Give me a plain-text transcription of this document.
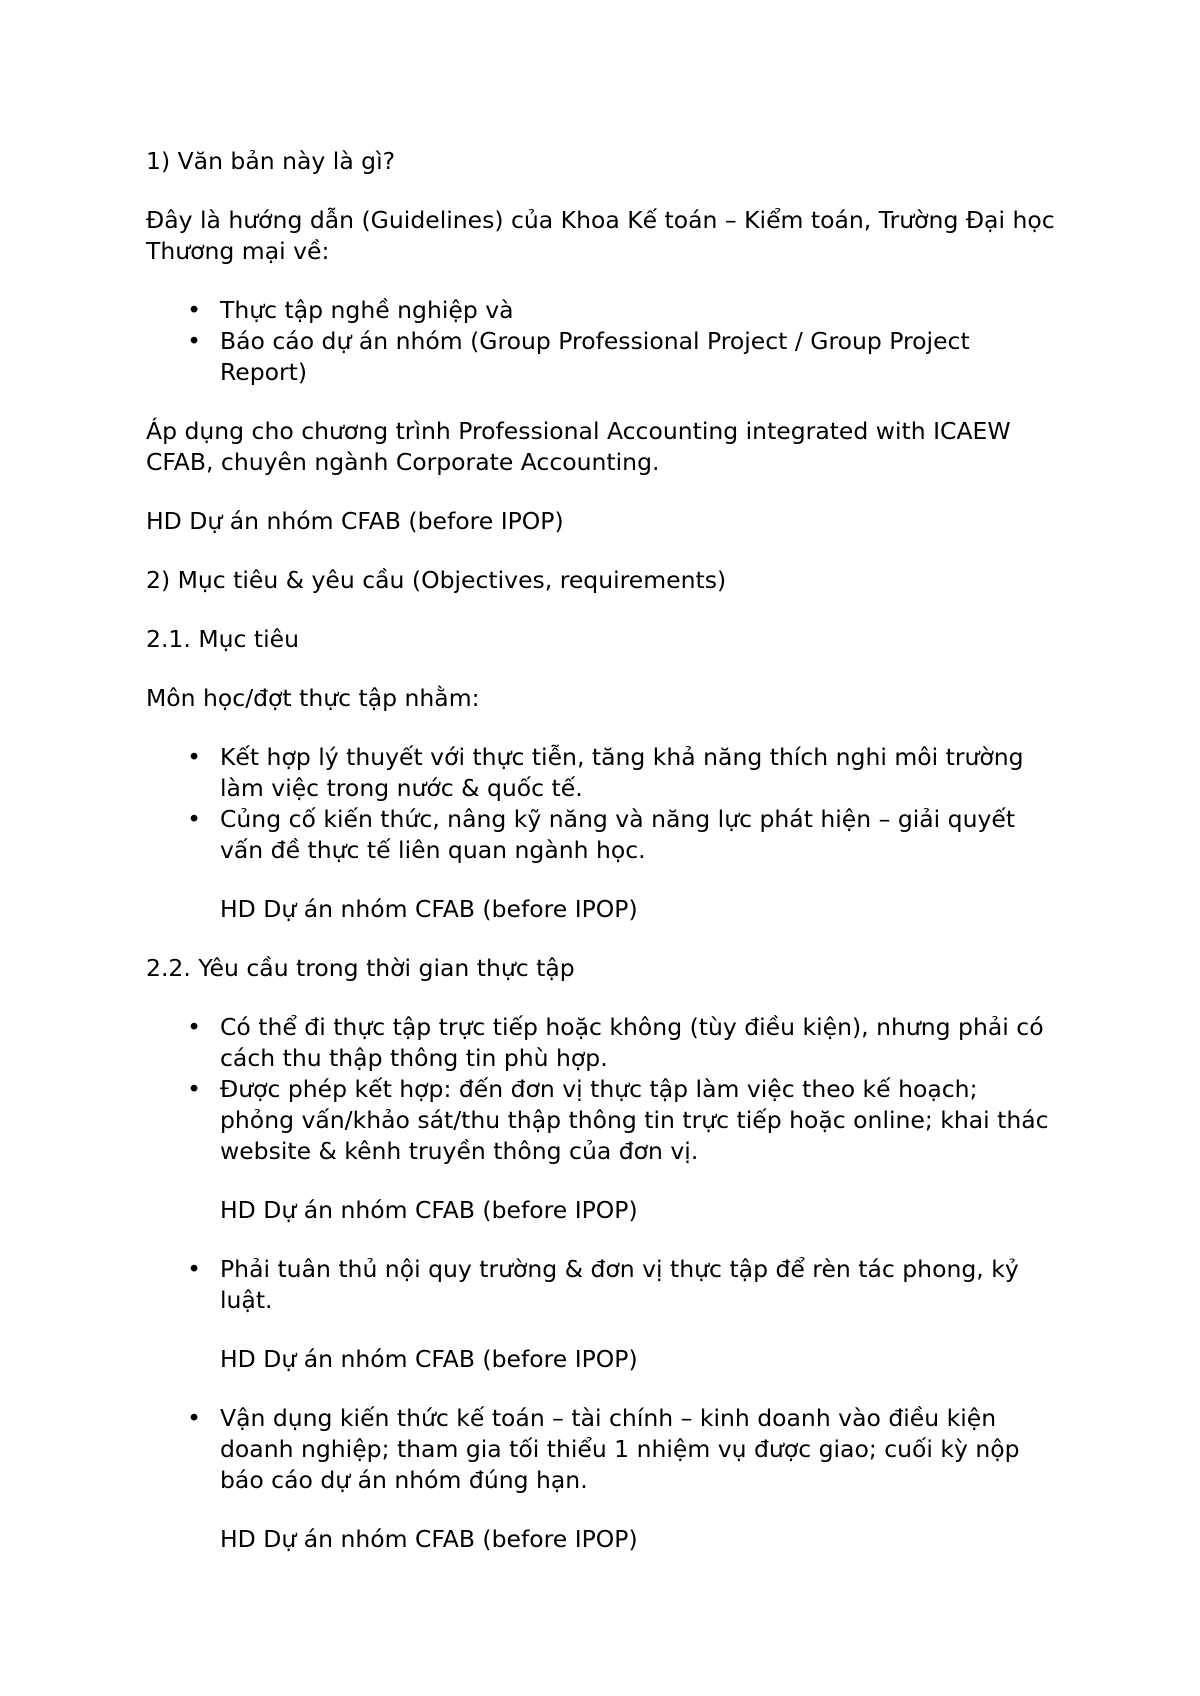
1) Văn bản này là gì?

Đây là hướng dẫn (Guidelines) của Khoa Kế toán – Kiểm toán, Trường Đại học Thương mại về:

• Thực tập nghề nghiệp và
• Báo cáo dự án nhóm (Group Professional Project / Group Project Report)

Áp dụng cho chương trình Professional Accounting integrated with ICAEW CFAB, chuyên ngành Corporate Accounting.

HD Dự án nhóm CFAB (before IPOP)

2) Mục tiêu & yêu cầu (Objectives, requirements)

2.1. Mục tiêu

Môn học/đợt thực tập nhằm:

• Kết hợp lý thuyết với thực tiễn, tăng khả năng thích nghi môi trường làm việc trong nước & quốc tế.
• Củng cố kiến thức, nâng kỹ năng và năng lực phát hiện – giải quyết vấn đề thực tế liên quan ngành học.

HD Dự án nhóm CFAB (before IPOP)

2.2. Yêu cầu trong thời gian thực tập

• Có thể đi thực tập trực tiếp hoặc không (tùy điều kiện), nhưng phải có cách thu thập thông tin phù hợp.
• Được phép kết hợp: đến đơn vị thực tập làm việc theo kế hoạch; phỏng vấn/khảo sát/thu thập thông tin trực tiếp hoặc online; khai thác website & kênh truyền thông của đơn vị.

HD Dự án nhóm CFAB (before IPOP)

• Phải tuân thủ nội quy trường & đơn vị thực tập để rèn tác phong, kỷ luật.

HD Dự án nhóm CFAB (before IPOP)

• Vận dụng kiến thức kế toán – tài chính – kinh doanh vào điều kiện doanh nghiệp; tham gia tối thiểu 1 nhiệm vụ được giao; cuối kỳ nộp báo cáo dự án nhóm đúng hạn.

HD Dự án nhóm CFAB (before IPOP)
